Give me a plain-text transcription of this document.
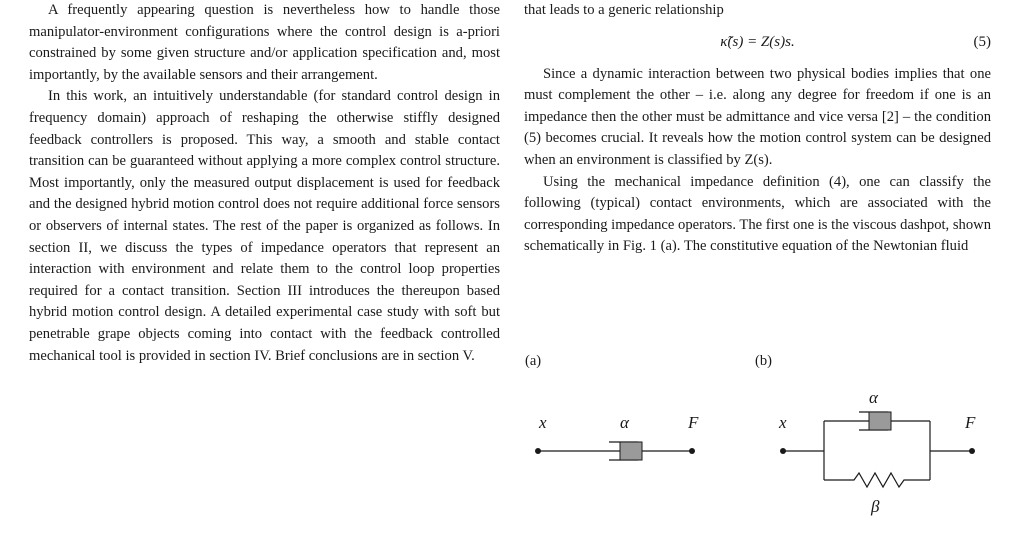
A frequently appearing question is nevertheless how to handle those manipulator-environment configurations where the control design is a-priori constrained by some given structure and/or application specification and, most importantly, by the available sensors and their arrangement.

In this work, an intuitively understandable (for standard control design in frequency domain) approach of reshaping the otherwise stiffly designed feedback controllers is proposed. This way, a smooth and stable contact transition can be guaranteed without applying a more complex control structure. Most importantly, only the measured output displacement is used for feedback and the designed hybrid motion control does not require additional force sensors or observers of internal states. The rest of the paper is organized as follows. In section II, we discuss the types of impedance operators that represent an interaction with environment and relate them to the control loop properties required for a contact transition. Section III introduces the thereupon based hybrid motion control design. A detailed experimental case study with soft but penetrable grape objects coming into contact with the feedback controlled mechanical tool is provided in section IV. Brief conclusions are in section V.

that leads to a generic relationship

κ̃(s) = Z(s)s.	(5)

Since a dynamic interaction between two physical bodies implies that one must complement the other – i.e. along any degree for freedom if one is an impedance then the other must be admittance and vice versa [2] – the condition (5) becomes crucial. It reveals how the motion control system can be designed when an environment is classified by Z(s).

Using the mechanical impedance definition (4), one can classify the following (typical) contact environments, which are associated with the corresponding impedance operators. The first one is the viscous dashpot, shown schematically in Fig. 1 (a). The constitutive equation of the Newtonian fluid

(a)
x	α	F
(b)
α
x	F
β
